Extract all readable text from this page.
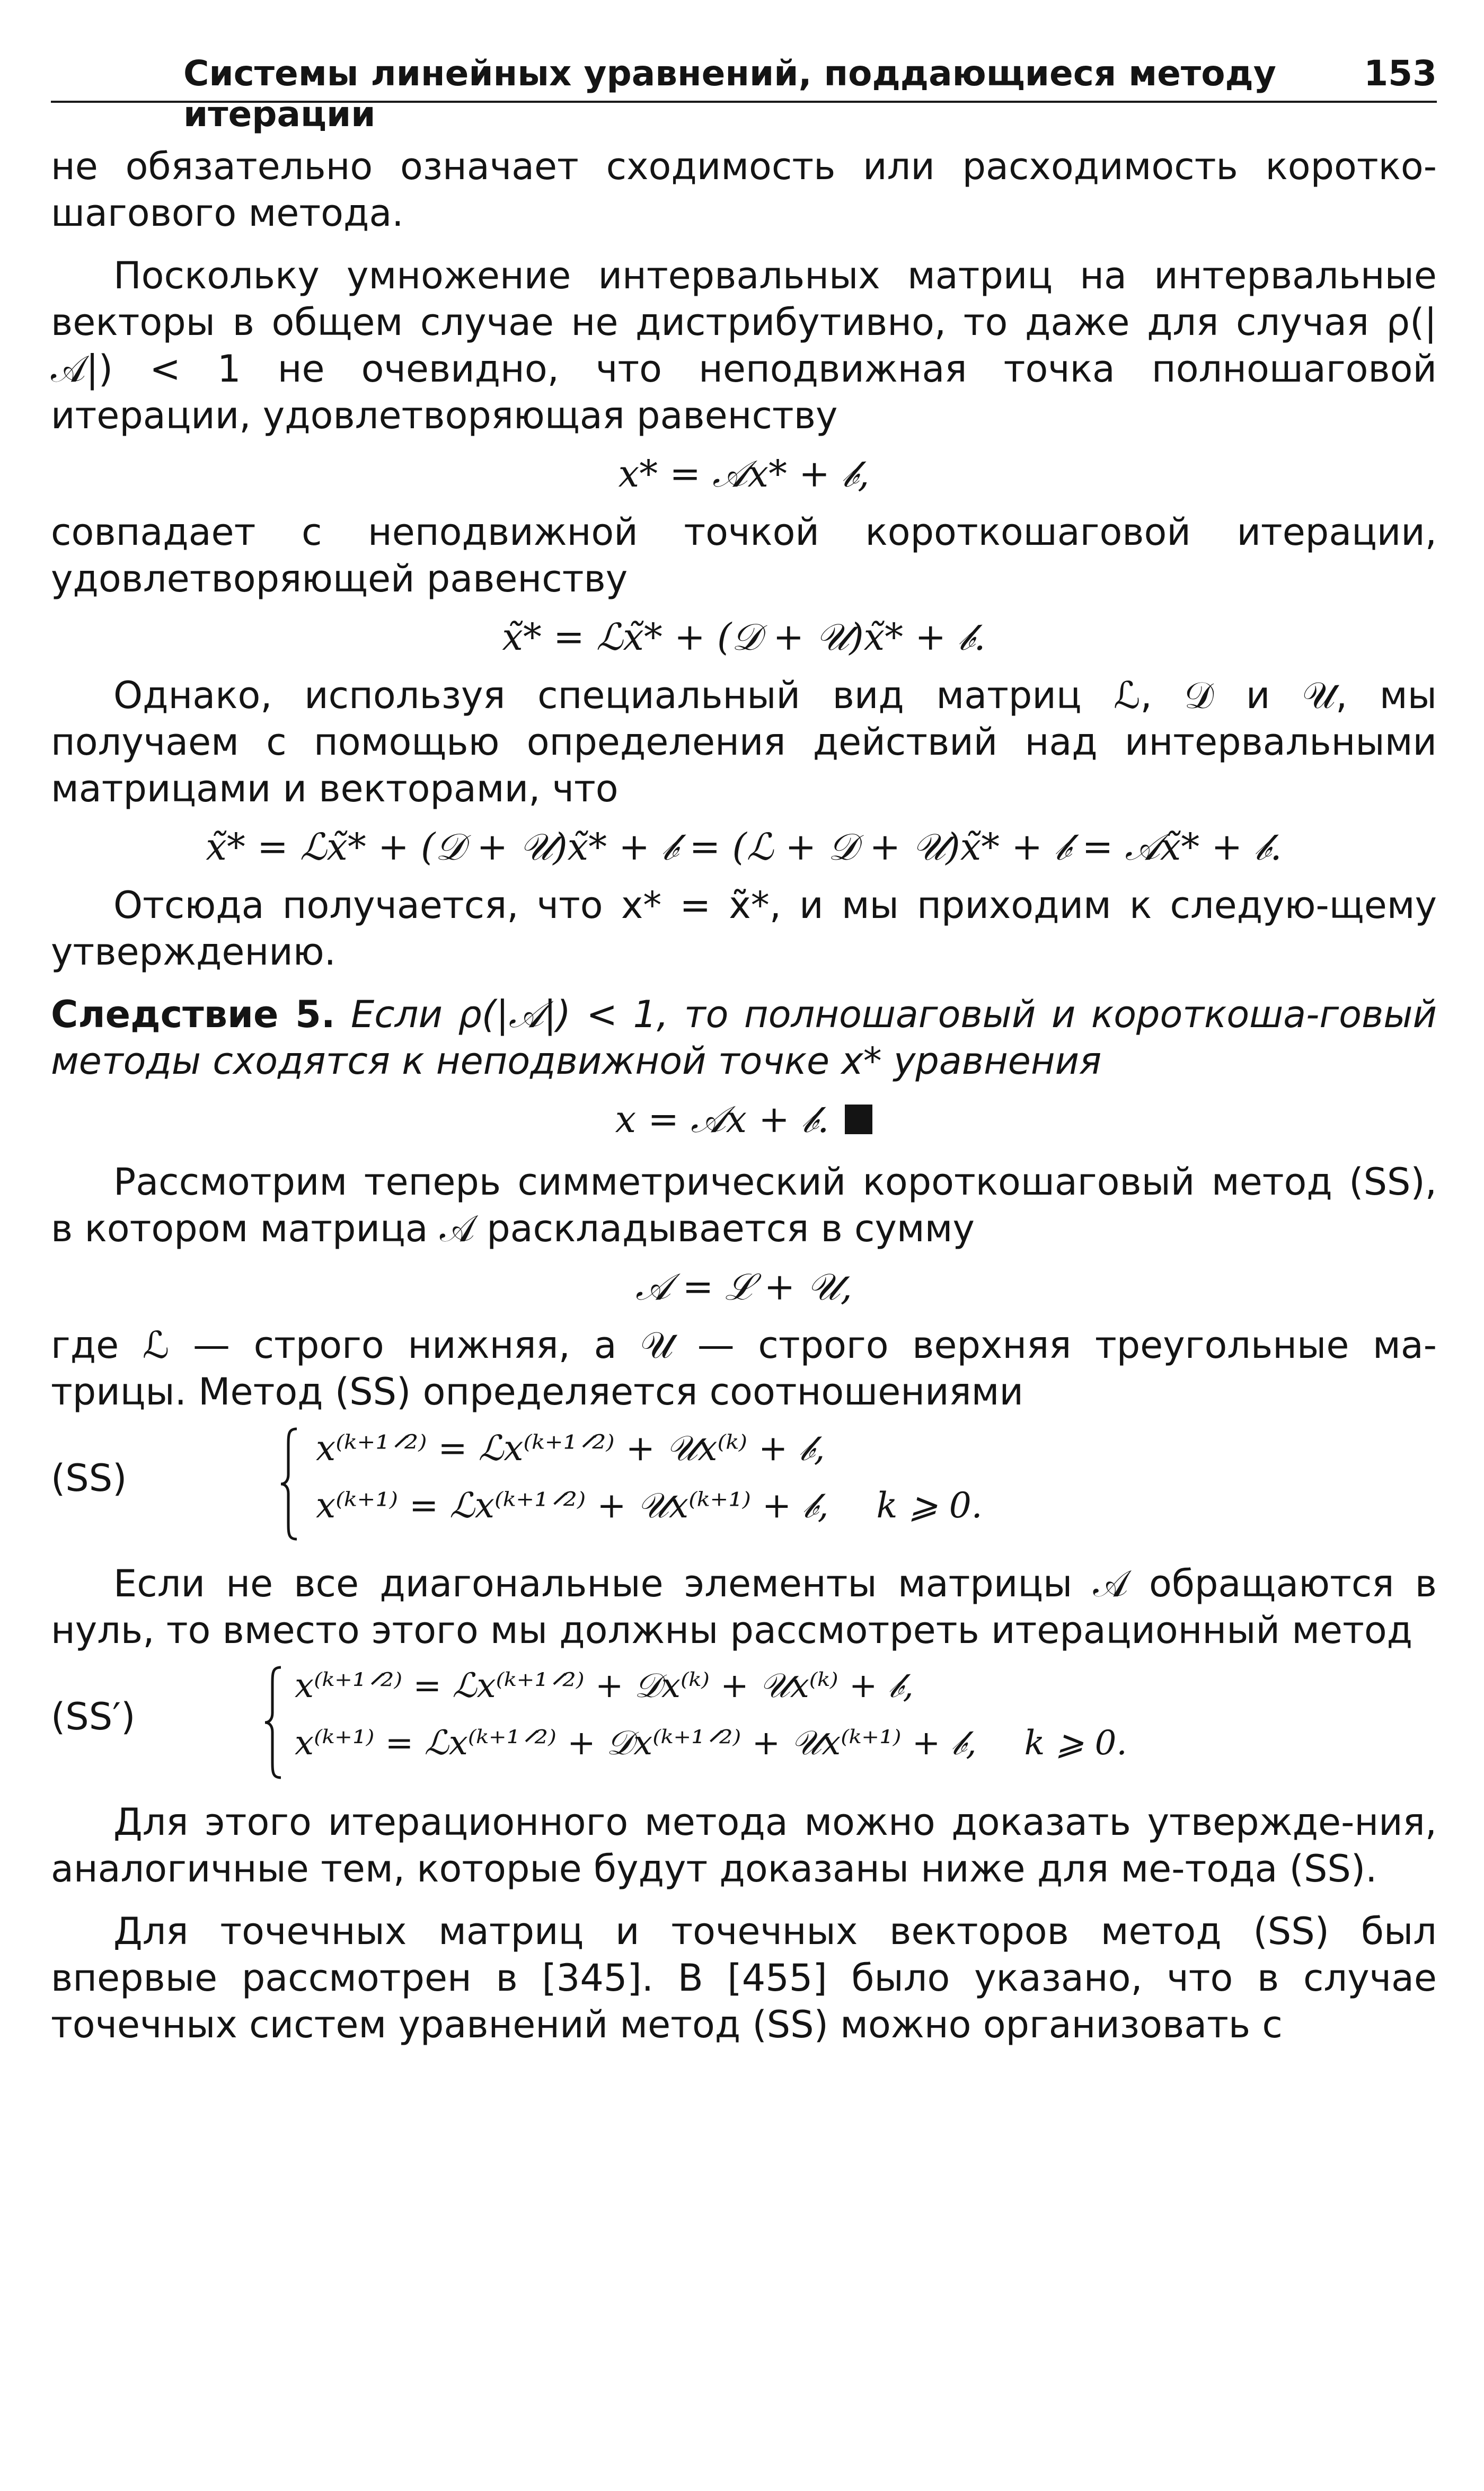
Системы линейных уравнений, поддающиеся методу итерации
153

не обязательно означает сходимость или расходимость коротко-шагового метода.

Поскольку умножение интервальных матриц на интервальные векторы в общем случае не дистрибутивно, то даже для случая ρ(|𝒜|) < 1 не очевидно, что неподвижная точка полношаговой итерации, удовлетворяющая равенству

x* = 𝒜x* + 𝒷,

совпадает с неподвижной точкой короткошаговой итерации, удовлетворяющей равенству

x̃* = ℒx̃* + (𝒟 + 𝒰)x̃* + 𝒷.

Однако, используя специальный вид матриц ℒ, 𝒟 и 𝒰, мы получаем с помощью определения действий над интервальными матрицами и векторами, что

x̃* = ℒx̃* + (𝒟 + 𝒰)x̃* + 𝒷 = (ℒ + 𝒟 + 𝒰)x̃* + 𝒷 = 𝒜x̃* + 𝒷.

Отсюда получается, что x* = x̃*, и мы приходим к следую-щему утверждению.

Следствие 5. Если ρ(|𝒜|) < 1, то полношаговый и короткоша-говый методы сходятся к неподвижной точке x* уравнения

x = 𝒜x + 𝒷.

Рассмотрим теперь симметрический короткошаговый метод (SS), в котором матрица 𝒜 раскладывается в сумму

𝒜 = ℒ + 𝒰,

где ℒ — строго нижняя, а 𝒰 — строго верхняя треугольные ма-трицы. Метод (SS) определяется соотношениями

(SS)
x⁽ᵏ⁺¹ᐟ²⁾ = ℒx⁽ᵏ⁺¹ᐟ²⁾ + 𝒰x⁽ᵏ⁾ + 𝒷,
x⁽ᵏ⁺¹⁾ = ℒx⁽ᵏ⁺¹ᐟ²⁾ + 𝒰x⁽ᵏ⁺¹⁾ + 𝒷, k ⩾ 0.

Если не все диагональные элементы матрицы 𝒜 обращаются в нуль, то вместо этого мы должны рассмотреть итерационный метод

(SS′)
x⁽ᵏ⁺¹ᐟ²⁾ = ℒx⁽ᵏ⁺¹ᐟ²⁾ + 𝒟x⁽ᵏ⁾ + 𝒰x⁽ᵏ⁾ + 𝒷,
x⁽ᵏ⁺¹⁾ = ℒx⁽ᵏ⁺¹ᐟ²⁾ + 𝒟x⁽ᵏ⁺¹ᐟ²⁾ + 𝒰x⁽ᵏ⁺¹⁾ + 𝒷, k ⩾ 0.

Для этого итерационного метода можно доказать утвержде-ния, аналогичные тем, которые будут доказаны ниже для ме-тода (SS).

Для точечных матриц и точечных векторов метод (SS) был впервые рассмотрен в [345]. В [455] было указано, что в случае точечных систем уравнений метод (SS) можно организовать с
